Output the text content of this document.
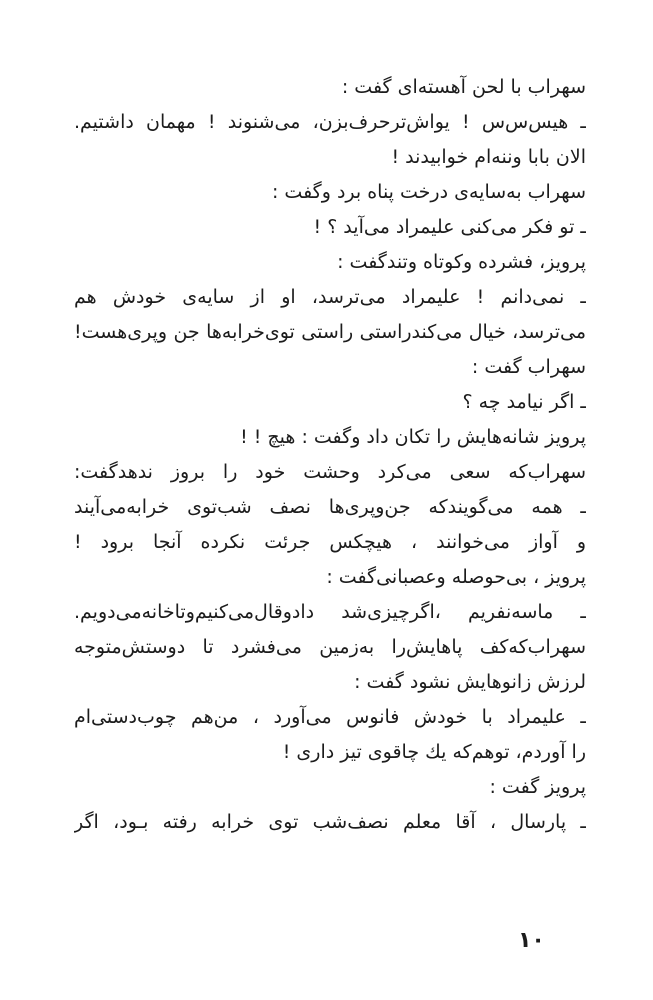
سهراب با لحن آهسته‌ای گفت :
ـ هیس‌س‌س ! یواش‌ترحرف‌بزن، می‌شنوند ! مهمان داشتیم.
الان بابا وننه‌ام خوابیدند !
سهراب به‌سایه‌ی درخت پناه برد وگفت :
ـ تو فکر می‌کنی علیمراد می‌آید ؟ !
پرویز، فشرده وکوتاه وتندگفت :
ـ نمی‌دانم ! علیمراد می‌ترسد، او از سایه‌ی خودش هم
می‌ترسد، خیال می‌کندراستی راستی توی‌خرابه‌ها جن وپری‌هست!
سهراب گفت :
ـ اگر نیامد چه ؟
پرویز شانه‌هایش را تکان داد وگفت : هیچ ! !
سهراب‌که سعی می‌کرد وحشت خود را بروز ندهدگفت:
ـ همه می‌گویندکه جن‌وپری‌ها نصف شب‌توی خرابه‌می‌آیند
و آواز می‌خوانند ، هیچکس جرئت نکرده آنجا برود !
پرویز ، بی‌حوصله وعصبانی‌گفت :
ـ ماسه‌نفریم ،اگرچیزی‌شد دادوقال‌می‌کنیم‌وتاخانه‌می‌دویم.
سهراب‌که‌کف پاهایش‌را به‌زمین می‌فشرد تا دوستش‌متوجه
لرزش زانوهایش نشود گفت :
ـ علیمراد با خودش فانوس می‌آورد ، من‌هم چوب‌دستی‌ام
را آوردم، توهم‌که یك چاقوی تیز داری !
پرویز گفت :
ـ پارسال ، آقا معلم نصف‌شب توی خرابه رفته بـود، اگر
۱۰
